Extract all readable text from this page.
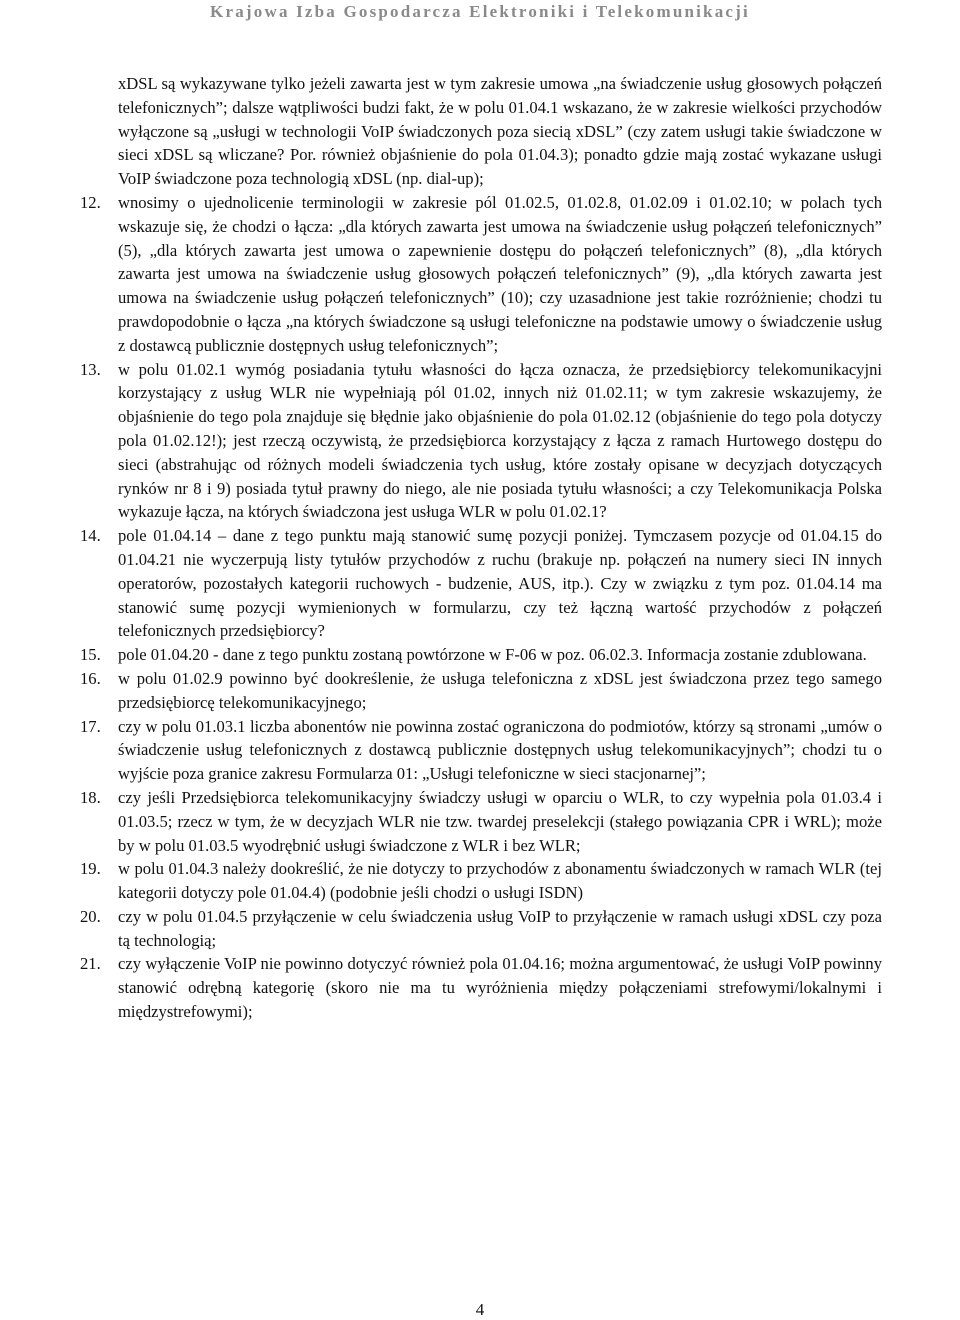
Krajowa Izba Gospodarcza Elektroniki i Telekomunikacji
xDSL są wykazywane tylko jeżeli zawarta jest w tym zakresie umowa „na świadczenie usług głosowych połączeń telefonicznych”; dalsze wątpliwości budzi fakt, że w polu 01.04.1 wskazano, że w zakresie wielkości przychodów wyłączone są „usługi w technologii VoIP świadczonych poza siecią xDSL” (czy zatem usługi takie świadczone w sieci xDSL są wliczane? Por. również objaśnienie do pola 01.04.3); ponadto gdzie mają zostać wykazane usługi VoIP świadczone poza technologią xDSL (np. dial-up);
12.	wnosimy o ujednolicenie terminologii w zakresie pól 01.02.5, 01.02.8, 01.02.09 i 01.02.10; w polach tych wskazuje się, że chodzi o łącza: „dla których zawarta jest umowa na świadczenie usług połączeń telefonicznych” (5), „dla których zawarta jest umowa o zapewnienie dostępu do połączeń telefonicznych” (8), „dla których zawarta jest umowa na świadczenie usług głosowych połączeń telefonicznych” (9), „dla których zawarta jest umowa na świadczenie usług połączeń telefonicznych” (10); czy uzasadnione jest takie rozróżnienie; chodzi tu prawdopodobnie o łącza „na których świadczone są usługi telefoniczne na podstawie umowy o świadczenie usług z dostawcą publicznie dostępnych usług telefonicznych”;
13.	w polu 01.02.1 wymóg posiadania tytułu własności do łącza oznacza, że przedsiębiorcy telekomunikacyjni korzystający z usług WLR nie wypełniają pól 01.02, innych niż 01.02.11; w tym zakresie wskazujemy, że objaśnienie do tego pola znajduje się błędnie jako objaśnienie do pola 01.02.12 (objaśnienie do tego pola dotyczy pola 01.02.12!); jest rzeczą oczywistą, że przedsiębiorca korzystający z łącza z ramach Hurtowego dostępu do sieci (abstrahując od różnych modeli świadczenia tych usług, które zostały opisane w decyzjach dotyczących rynków nr 8 i 9) posiada tytuł prawny do niego, ale nie posiada tytułu własności; a czy Telekomunikacja Polska wykazuje łącza, na których świadczona jest usługa WLR w polu 01.02.1?
14.	pole 01.04.14 – dane z tego punktu mają stanowić sumę pozycji poniżej. Tymczasem pozycje od 01.04.15 do 01.04.21 nie wyczerpują listy tytułów przychodów z ruchu (brakuje np. połączeń na numery sieci IN innych operatorów, pozostałych kategorii ruchowych - budzenie, AUS, itp.). Czy w związku z tym poz. 01.04.14 ma stanowić sumę pozycji wymienionych w formularzu, czy też łączną wartość przychodów z połączeń telefonicznych przedsiębiorcy?
15.	pole 01.04.20 - dane z tego punktu zostaną powtórzone w F-06 w poz. 06.02.3. Informacja zostanie zdublowana.
16.	w polu 01.02.9 powinno być dookreślenie, że usługa telefoniczna z xDSL jest świadczona przez tego samego przedsiębiorcę telekomunikacyjnego;
17.	czy w polu 01.03.1 liczba abonentów nie powinna zostać ograniczona do podmiotów, którzy są stronami „umów o świadczenie usług telefonicznych z dostawcą publicznie dostępnych usług telekomunikacyjnych”; chodzi tu o wyjście poza granice zakresu Formularza 01: „Usługi telefoniczne w sieci stacjonarnej”;
18.	czy jeśli Przedsiębiorca telekomunikacyjny świadczy usługi w oparciu o WLR, to czy wypełnia pola 01.03.4 i 01.03.5; rzecz w tym, że w decyzjach WLR nie tzw. twardej preselekcji (stałego powiązania CPR i WRL); może by w polu 01.03.5 wyodrębnić usługi świadczone z WLR i bez WLR;
19.	w polu 01.04.3 należy dookreślić, że nie dotyczy to przychodów z abonamentu świadczonych w ramach WLR (tej kategorii dotyczy pole 01.04.4) (podobnie jeśli chodzi o usługi ISDN)
20.	czy w polu 01.04.5 przyłączenie w celu świadczenia usług VoIP to przyłączenie w ramach usługi xDSL czy poza tą technologią;
21.	czy wyłączenie VoIP nie powinno dotyczyć również pola 01.04.16; można argumentować, że usługi VoIP powinny stanowić odrębną kategorię (skoro nie ma tu wyróżnienia między połączeniami strefowymi/lokalnymi i międzystrefowymi);
4
